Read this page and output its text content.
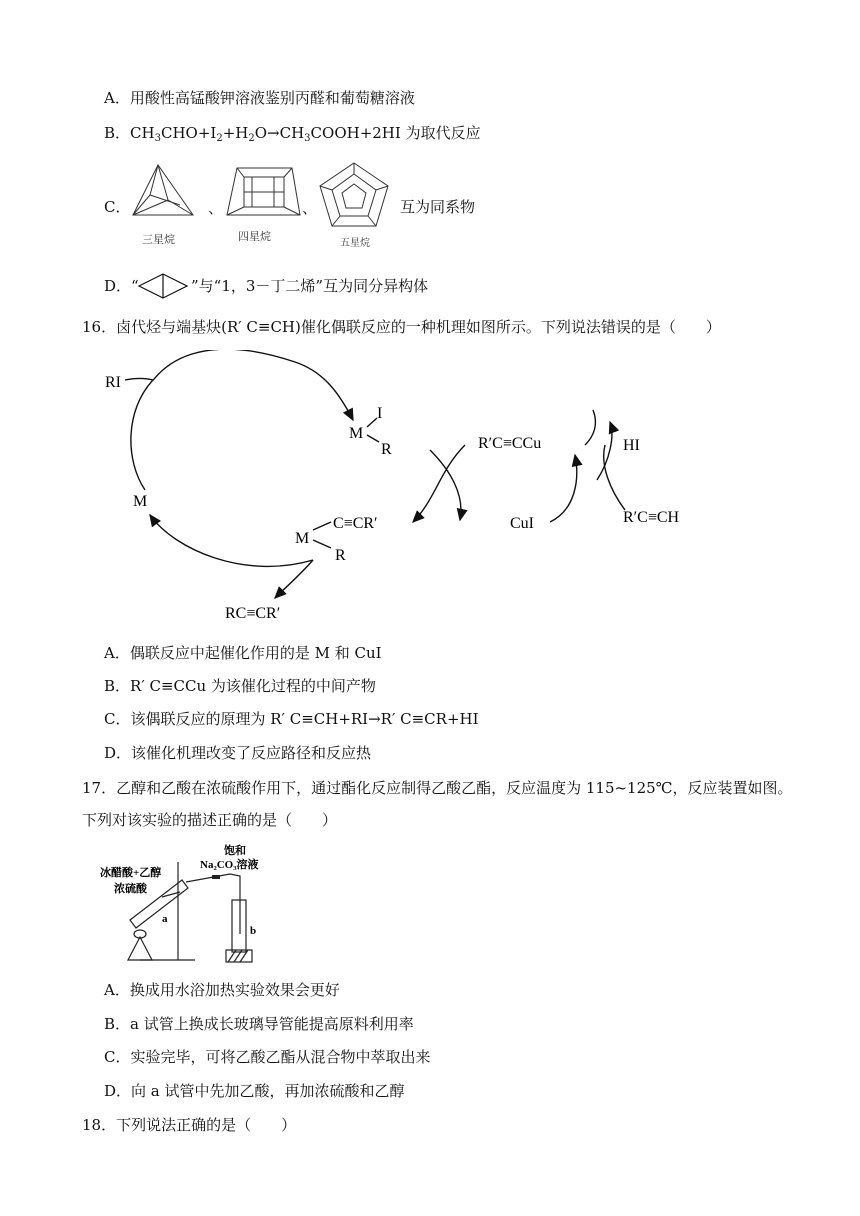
A．用酸性高锰酸钾溶液鉴别丙醛和葡萄糖溶液
B．$CH_3CHO+I_2+H_2O\to CH_3COOH+2HI$ 为取代反应
C．
三星烷
、
四星烷
、
五星烷
互为同系物
D．“	”与“1，3－丁二烯”互为同分异构体
16．卤代烃与端基炔(R′ C≡CH)催化偶联反应的一种机理如图所示。下列说法错误的是（　　）
RI
M
M
I
R
M
C≡CR′
R
RC≡CR′
R′C≡CCu
CuI
HI
R′C≡CH
A．偶联反应中起催化作用的是 M 和 CuI
B．R′ C≡CCu 为该催化过程的中间产物
C．该偶联反应的原理为 R′ C≡CH+RI→R′ C≡CR+HI
D．该催化机理改变了反应路径和反应热
17．乙醇和乙酸在浓硫酸作用下，通过酯化反应制得乙酸乙酯，反应温度为 115~125℃，反应装置如图。
下列对该实验的描述正确的是（　　）
冰醋酸+乙醇
浓硫酸
饱和
Na₂CO₃溶液
a
b
A．换成用水浴加热实验效果会更好
B．a 试管上换成长玻璃导管能提高原料利用率
C．实验完毕，可将乙酸乙酯从混合物中萃取出来
D．向 a 试管中先加乙酸，再加浓硫酸和乙醇
18．下列说法正确的是（　　）
